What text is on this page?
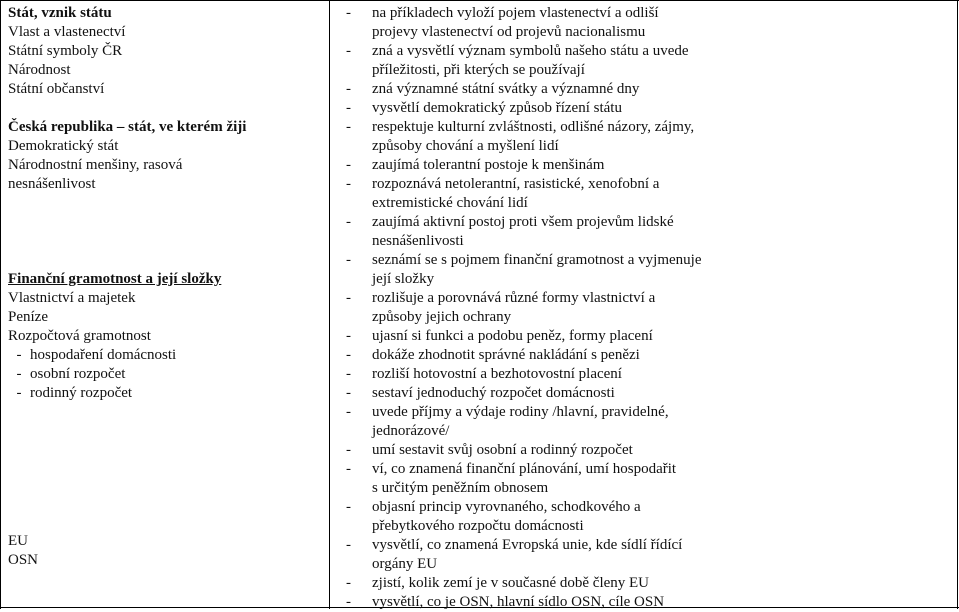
Stát, vznik státu
Vlast a vlastenectví
Státní symboly ČR
Národnost
Státní občanství
Česká republika – stát, ve kterém žiji
Demokratický stát
Národnostní menšiny, rasová
nesnášenlivost
Finanční gramotnost a její složky
Vlastnictví a majetek
Peníze
Rozpočtová gramotnost
- hospodaření domácnosti
- osobní rozpočet
- rodinný rozpočet
EU
OSN
-	na příkladech vyloží pojem vlastenectví a odliší
projevy vlastenectví od projevů nacionalismu
-	zná a vysvětlí význam symbolů našeho státu a uvede
příležitosti, při kterých se používají
-	zná významné státní svátky a významné dny
-	vysvětlí demokratický způsob řízení státu
-	respektuje kulturní zvláštnosti, odlišné názory, zájmy,
způsoby chování a myšlení lidí
-	zaujímá tolerantní postoje k menšinám
-	rozpoznává netolerantní, rasistické, xenofobní a
extremistické chování lidí
-	zaujímá aktivní postoj proti všem projevům lidské
nesnášenlivosti
-	seznámí se s pojmem finanční gramotnost a vyjmenuje
její složky
-	rozlišuje a porovnává různé formy vlastnictví a
způsoby jejich ochrany
-	ujasní si funkci a podobu peněz, formy placení
-	dokáže zhodnotit správné nakládání s penězi
-	rozliší hotovostní a bezhotovostní placení
-	sestaví jednoduchý rozpočet domácnosti
-	uvede příjmy a výdaje rodiny /hlavní, pravidelné,
jednorázové/
-	umí sestavit svůj osobní a rodinný rozpočet
-	ví, co znamená finanční plánování, umí hospodařit
s určitým peněžním obnosem
-	objasní princip vyrovnaného, schodkového a
přebytkového rozpočtu domácnosti
-	vysvětlí, co znamená Evropská unie, kde sídlí řídící
orgány EU
-	zjistí, kolik zemí je v současné době členy EU
-	vysvětlí, co je OSN, hlavní sídlo OSN, cíle OSN
